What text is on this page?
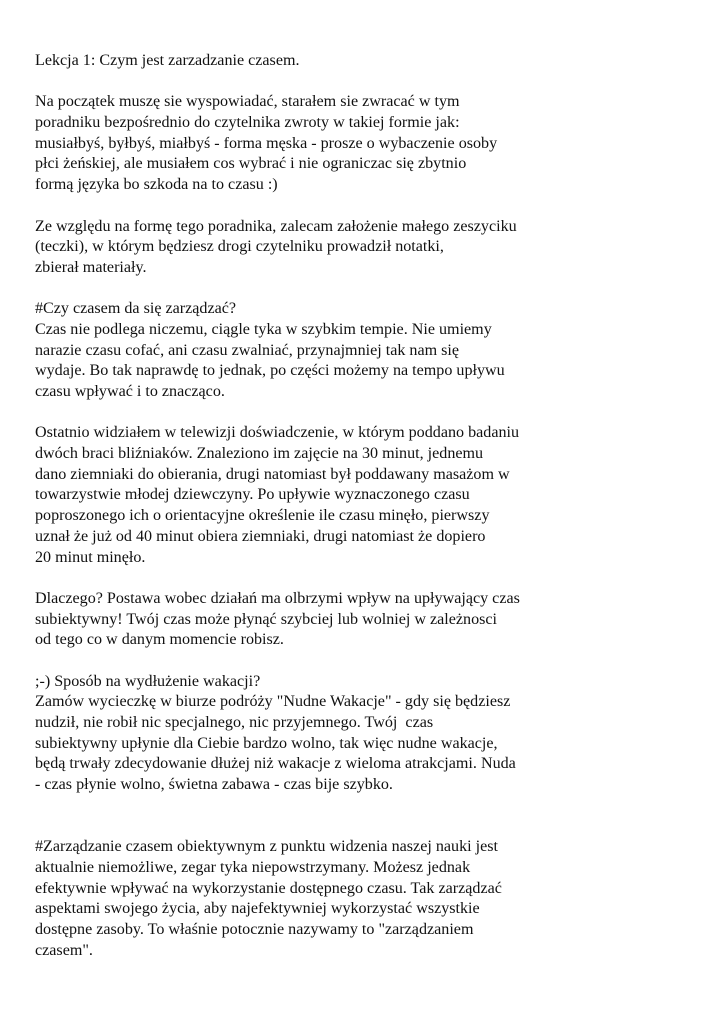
Lekcja 1: Czym jest zarzadzanie czasem.
Na początek muszę sie wyspowiadać, starałem sie zwracać w tym
poradniku bezpośrednio do czytelnika zwroty w takiej formie jak:
musiałbyś, byłbyś, miałbyś - forma męska - prosze o wybaczenie osoby
płci żeńskiej, ale musiałem cos wybrać i nie ograniczac się zbytnio
formą języka bo szkoda na to czasu :)
Ze względu na formę tego poradnika, zalecam założenie małego zeszyciku
(teczki), w którym będziesz drogi czytelniku prowadził notatki,
zbierał materiały.
#Czy czasem da się zarządzać?
Czas nie podlega niczemu, ciągle tyka w szybkim tempie. Nie umiemy
narazie czasu cofać, ani czasu zwalniać, przynajmniej tak nam się
wydaje. Bo tak naprawdę to jednak, po części możemy na tempo upływu
czasu wpływać i to znacząco.
Ostatnio widziałem w telewizji doświadczenie, w którym poddano badaniu
dwóch braci bliźniaków. Znaleziono im zajęcie na 30 minut, jednemu
dano ziemniaki do obierania, drugi natomiast był poddawany masażom w
towarzystwie młodej dziewczyny. Po upływie wyznaczonego czasu
poproszonego ich o orientacyjne określenie ile czasu minęło, pierwszy
uznał że już od 40 minut obiera ziemniaki, drugi natomiast że dopiero
20 minut minęło.
Dlaczego? Postawa wobec działań ma olbrzymi wpływ na upływający czas
subiektywny! Twój czas może płynąć szybciej lub wolniej w zależnosci
od tego co w danym momencie robisz.
;-) Sposób na wydłużenie wakacji?
Zamów wycieczkę w biurze podróży "Nudne Wakacje" - gdy się będziesz
nudził, nie robił nic specjalnego, nic przyjemnego. Twój  czas
subiektywny upłynie dla Ciebie bardzo wolno, tak więc nudne wakacje,
będą trwały zdecydowanie dłużej niż wakacje z wieloma atrakcjami. Nuda
- czas płynie wolno, świetna zabawa - czas bije szybko.
#Zarządzanie czasem obiektywnym z punktu widzenia naszej nauki jest
aktualnie niemożliwe, zegar tyka niepowstrzymany. Możesz jednak
efektywnie wpływać na wykorzystanie dostępnego czasu. Tak zarządzać
aspektami swojego życia, aby najefektywniej wykorzystać wszystkie
dostępne zasoby. To właśnie potocznie nazywamy to "zarządzaniem
czasem".
